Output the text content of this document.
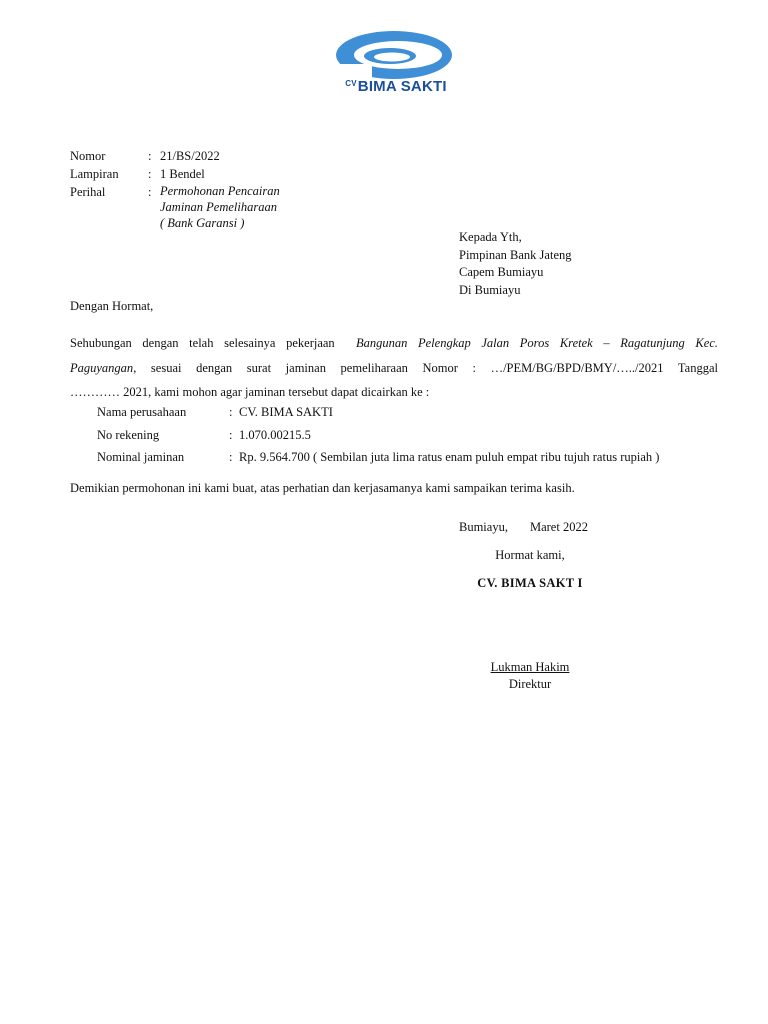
$^{CV}$BIMA SAKTI
Nomor	: 21/BS/2022
Lampiran	: 1 Bendel
Perihal	: Permohonan Pencairan
Jaminan Pemeliharaan
( Bank Garansi )
Kepada Yth,
Pimpinan Bank Jateng
Capem Bumiayu
Di Bumiayu
Dengan Hormat,
Sehubungan dengan telah selesainya pekerjaan Bangunan Pelengkap Jalan Poros Kretek – Ragatunjung Kec.
Paguyangan, sesuai dengan surat jaminan pemeliharaan Nomor : …/PEM/BG/BPD/BMY/…../2021 Tanggal
………… 2021, kami mohon agar jaminan tersebut dapat dicairkan ke :
Nama perusahaan	: CV. BIMA SAKTI
No rekening	: 1.070.00215.5
Nominal jaminan	: Rp. 9.564.700 ( Sembilan juta lima ratus enam puluh empat ribu tujuh ratus rupiah )
Demikian permohonan ini kami buat, atas perhatian dan kerjasamanya kami sampaikan terima kasih.
Bumiayu, Maret 2022
Hormat kami,
CV. BIMA SAKT I
Lukman Hakim
Direktur
